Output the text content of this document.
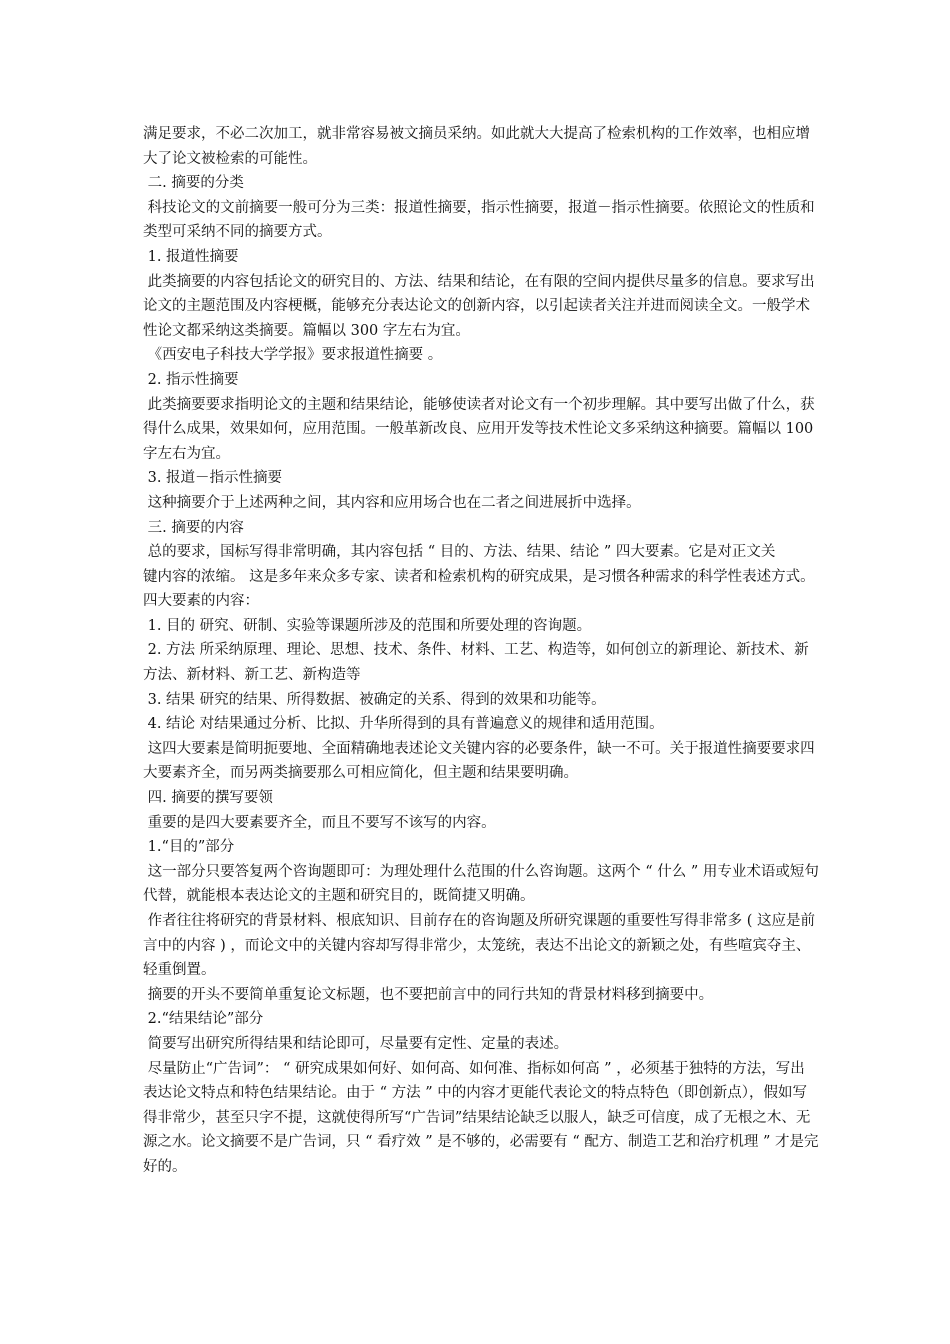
满足要求，不必二次加工，就非常容易被文摘员采纳。如此就大大提高了检索机构的工作效率，也相应增大了论文被检索的可能性。

二. 摘要的分类

科技论文的文前摘要一般可分为三类：报道性摘要，指示性摘要，报道－指示性摘要。依照论文的性质和类型可采纳不同的摘要方式。

1. 报道性摘要

此类摘要的内容包括论文的研究目的、方法、结果和结论，在有限的空间内提供尽量多的信息。要求写出论文的主题范围及内容梗概，能够充分表达论文的创新内容，以引起读者关注并进而阅读全文。一般学术性论文都采纳这类摘要。篇幅以 300 字左右为宜。

《西安电子科技大学学报》要求报道性摘要 。

2. 指示性摘要

此类摘要要求指明论文的主题和结果结论，能够使读者对论文有一个初步理解。其中要写出做了什么，获得什么成果，效果如何，应用范围。一般革新改良、应用开发等技术性论文多采纳这种摘要。篇幅以 100 字左右为宜。

3. 报道－指示性摘要

这种摘要介于上述两种之间，其内容和应用场合也在二者之间进展折中选择。

三. 摘要的内容

总的要求，国标写得非常明确，其内容包括 “ 目的、方法、结果、结论 ” 四大要素。它是对正文关

键内容的浓缩。 这是多年来众多专家、读者和检索机构的研究成果，是习惯各种需求的科学性表述方式。  四大要素的内容：

1. 目的 研究、研制、实验等课题所涉及的范围和所要处理的咨询题。

2. 方法 所采纳原理、理论、思想、技术、条件、材料、工艺、构造等，如何创立的新理论、新技术、新方法、新材料、新工艺、新构造等

3. 结果 研究的结果、所得数据、被确定的关系、得到的效果和功能等。

4. 结论 对结果通过分析、比拟、升华所得到的具有普遍意义的规律和适用范围。

这四大要素是简明扼要地、全面精确地表述论文关键内容的必要条件，缺一不可。关于报道性摘要要求四大要素齐全，而另两类摘要那么可相应简化，但主题和结果要明确。

四. 摘要的撰写要领

重要的是四大要素要齐全，而且不要写不该写的内容。

1.“目的”部分

这一部分只要答复两个咨询题即可：为理处理什么范围的什么咨询题。这两个 “ 什么 ” 用专业术语或短句代替，就能根本表达论文的主题和研究目的，既简捷又明确。

作者往往将研究的背景材料、根底知识、目前存在的咨询题及所研究课题的重要性写得非常多 ( 这应是前言中的内容 ) ，而论文中的关键内容却写得非常少，太笼统，表达不出论文的新颖之处，有些喧宾夺主、轻重倒置。

摘要的开头不要简单重复论文标题，也不要把前言中的同行共知的背景材料移到摘要中。

2.“结果结论”部分

简要写出研究所得结果和结论即可，尽量要有定性、定量的表述。

尽量防止“广告词”： “ 研究成果如何好、如何高、如何准、指标如何高 ” ，必须基于独特的方法，写出表达论文特点和特色结果结论。由于 “ 方法 ” 中的内容才更能代表论文的特点特色（即创新点），假如写得非常少，甚至只字不提，这就使得所写“广告词”结果结论缺乏以服人，缺乏可信度，成了无根之木、无源之水。论文摘要不是广告词，只 “ 看疗效 ” 是不够的，必需要有 “ 配方、制造工艺和治疗机理 ” 才是完好的。
